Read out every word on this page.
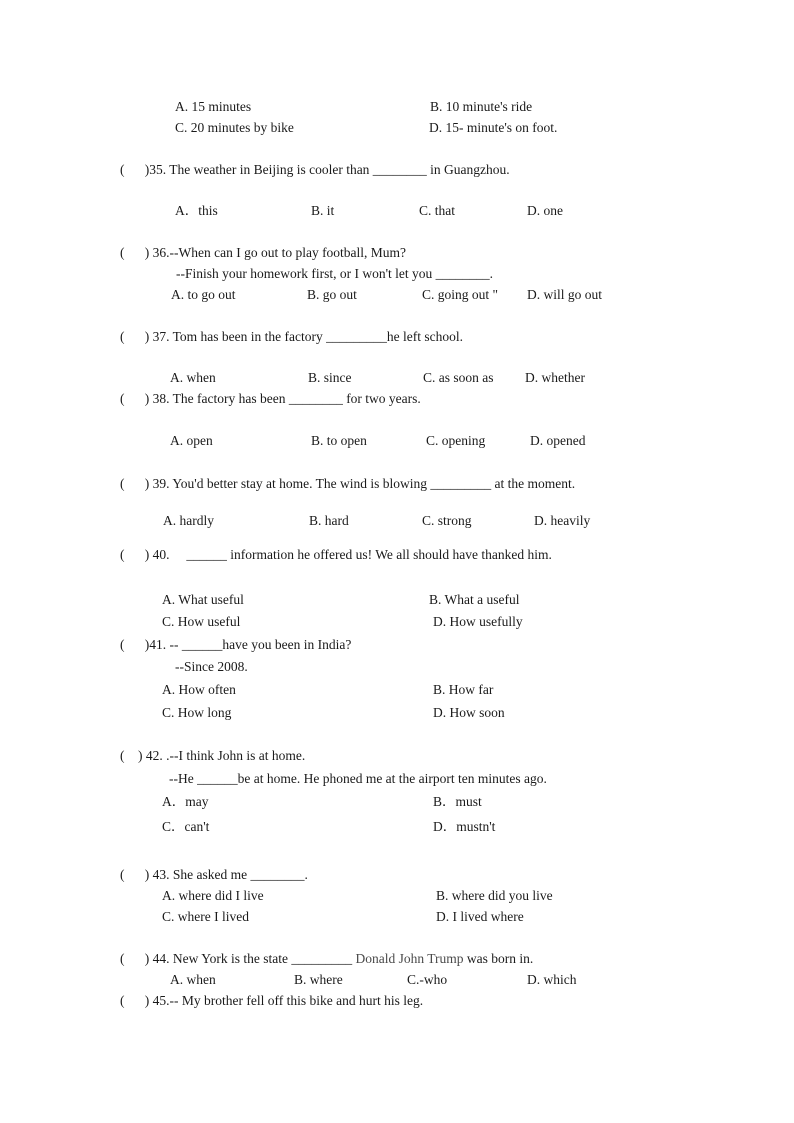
A. 15 minutes	B. 10 minute's ride
C. 20 minutes by bike	D. 15- minute's on foot.
(      )35. The weather in Beijing is cooler than ________ in Guangzhou.
A．this	B. it	C. that	D. one
(      ) 36.--When can I go out to play football, Mum?
--Finish your homework first, or I won't let you ________.
A. to go out	B. go out	C. going out " D. will go out
(      ) 37. Tom has been in the factory _________he left school.
A. when	B. since	C. as soon as D. whether
(      ) 38. The factory has been ________ for two years.
A. open	B. to open	C. opening	D. opened
(      ) 39. You'd better stay at home. The wind is blowing _________ at the moment.
A. hardly	B. hard	C. strong	D. heavily
(      ) 40.     ______ information he offered us! We all should have thanked him.
A. What useful	B. What a useful
C. How useful	D. How usefully
(      )41. -- ______have you been in India?
--Since 2008.
A. How often	B. How far
C. How long	D. How soon
(    ) 42. .--I think John is at home.
--He ______be at home. He phoned me at the airport ten minutes ago.
A．may	B．must
C．can't	D．mustn't
(      ) 43. She asked me ________.
A. where did I live	B. where did you live
C. where I lived	D. I lived where
(      ) 44. New York is the state _________ Donald John Trump was born in.
A. when	B. where	C.-who	D. which
(      ) 45.-- My brother fell off this bike and hurt his leg.
